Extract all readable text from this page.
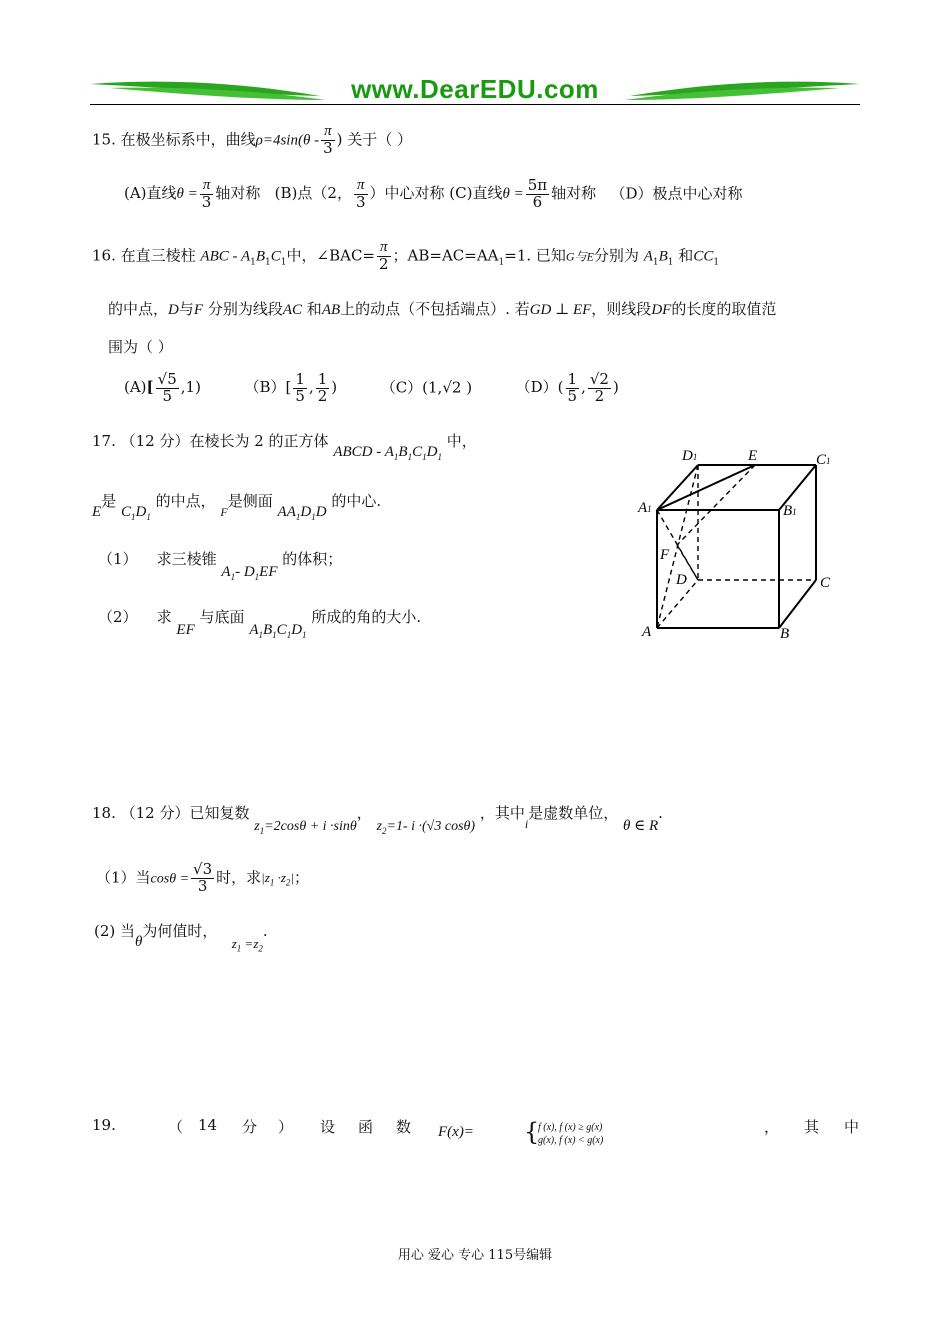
www.DearEDU.com
15. 在极坐标系中，曲线$\rho=4\sin(\theta - \frac{\pi}{3}$ ) 关于（ ）
(A)直线$\theta = \frac{\pi}{3}$ 轴对称 (B)点（2， $\frac{\pi}{3}$ ）中心对称 (C)直线$\theta = \frac{5\pi}{6}$ 轴对称 （D）极点中心对称
16. 在直三棱柱 ABC - $A_1B_1C_1$中，∠BAC= $\frac{\pi}{2}$ ；$AB=AC=AA_1=1$. 已知G与E分别为 $A_1B_1$ 和$CC_1$
的中点，D与F 分别为线段AC 和AB上的动点（不包括端点）. 若GD ⊥ EF，则线段DF的长度的取值范
围为（ ）
$(A)[ \frac{√5}{5} ,1)$	$(B)[ \frac{1}{5}$ , $\frac{1}{2}$ )	（C）(1,√2 )	$(D)( \frac{1}{5}$ , $\frac{√2}{2}$ )
17. （12 分）在棱长为 2 的正方体 ABCD - $A_1B_1C_1D_1$ 中，
E是 $C_1D_1$ 的中点， $_F$是侧面 $AA_1D_1D$ 的中心.
（1） 求三棱锥 $A_1-$ $D_1EF$ 的体积；
（2） 求 EF 与底面 $A_1B_1C_1D_1$ 所成的角的大小.
D1	E	C1
A1	B1
F
D	C
A	B
18. （12 分）已知复数 $z_1=2\cos\theta + i \cdot\sin\theta$， $z_2=1-$ i ·(√3 cosθ) ，其中$_i$是虚数单位， θ ∈ R.
（1）当$\cos\theta = \frac{√3}{3}$ 时，求$|z_1 \cdot z_2|$；
(2) 当θ为何值时，   $z_1 =z_2$.
19.	（ 14 分 ） 设 函 数 F(x)= {
f (x), f (x) ≥ g(x)
g(x), f (x) < g(x)
， 其 中
用心 爱心 专心 115号编辑
